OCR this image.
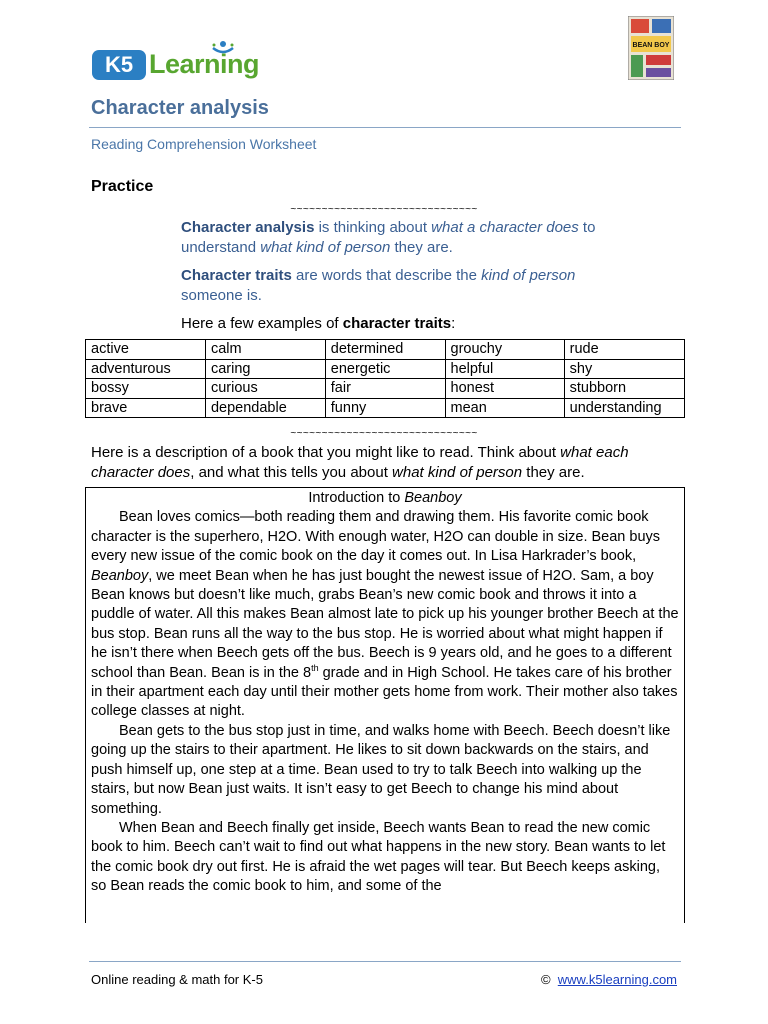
K5 Learning
BEAN BOY
Character analysis
Reading Comprehension Worksheet
Practice
~~~~~~~~~~~~~~~~~~~~~~~~~~~~~~
Character analysis is thinking about what a character does to understand what kind of person they are.
Character traits are words that describe the kind of person someone is.
Here a few examples of character traits:
active	calm	determined	grouchy	rude
adventurous	caring	energetic	helpful	shy
bossy	curious	fair	honest	stubborn
brave	dependable	funny	mean	understanding
~~~~~~~~~~~~~~~~~~~~~~~~~~~~~~
Here is a description of a book that you might like to read. Think about what each character does, and what this tells you about what kind of person they are.
Introduction to Beanboy

Bean loves comics—both reading them and drawing them. His favorite comic book character is the superhero, H2O. With enough water, H2O can double in size. Bean buys every new issue of the comic book on the day it comes out. In Lisa Harkrader’s book, Beanboy, we meet Bean when he has just bought the newest issue of H2O. Sam, a boy Bean knows but doesn’t like much, grabs Bean’s new comic book and throws it into a puddle of water. All this makes Bean almost late to pick up his younger brother Beech at the bus stop. Bean runs all the way to the bus stop. He is worried about what might happen if he isn’t there when Beech gets off the bus. Beech is 9 years old, and he goes to a different school than Bean. Bean is in the 8th grade and in High School. He takes care of his brother in their apartment each day until their mother gets home from work. Their mother also takes college classes at night.

Bean gets to the bus stop just in time, and walks home with Beech. Beech doesn’t like going up the stairs to their apartment. He likes to sit down backwards on the stairs, and push himself up, one step at a time. Bean used to try to talk Beech into walking up the stairs, but now Bean just waits. It isn’t easy to get Beech to change his mind about something.

When Bean and Beech finally get inside, Beech wants Bean to read the new comic book to him. Beech can’t wait to find out what happens in the new story. Bean wants to let the comic book dry out first. He is afraid the wet pages will tear. But Beech keeps asking, so Bean reads the comic book to him, and some of the

Online reading & math for K-5	© www.k5learning.com
